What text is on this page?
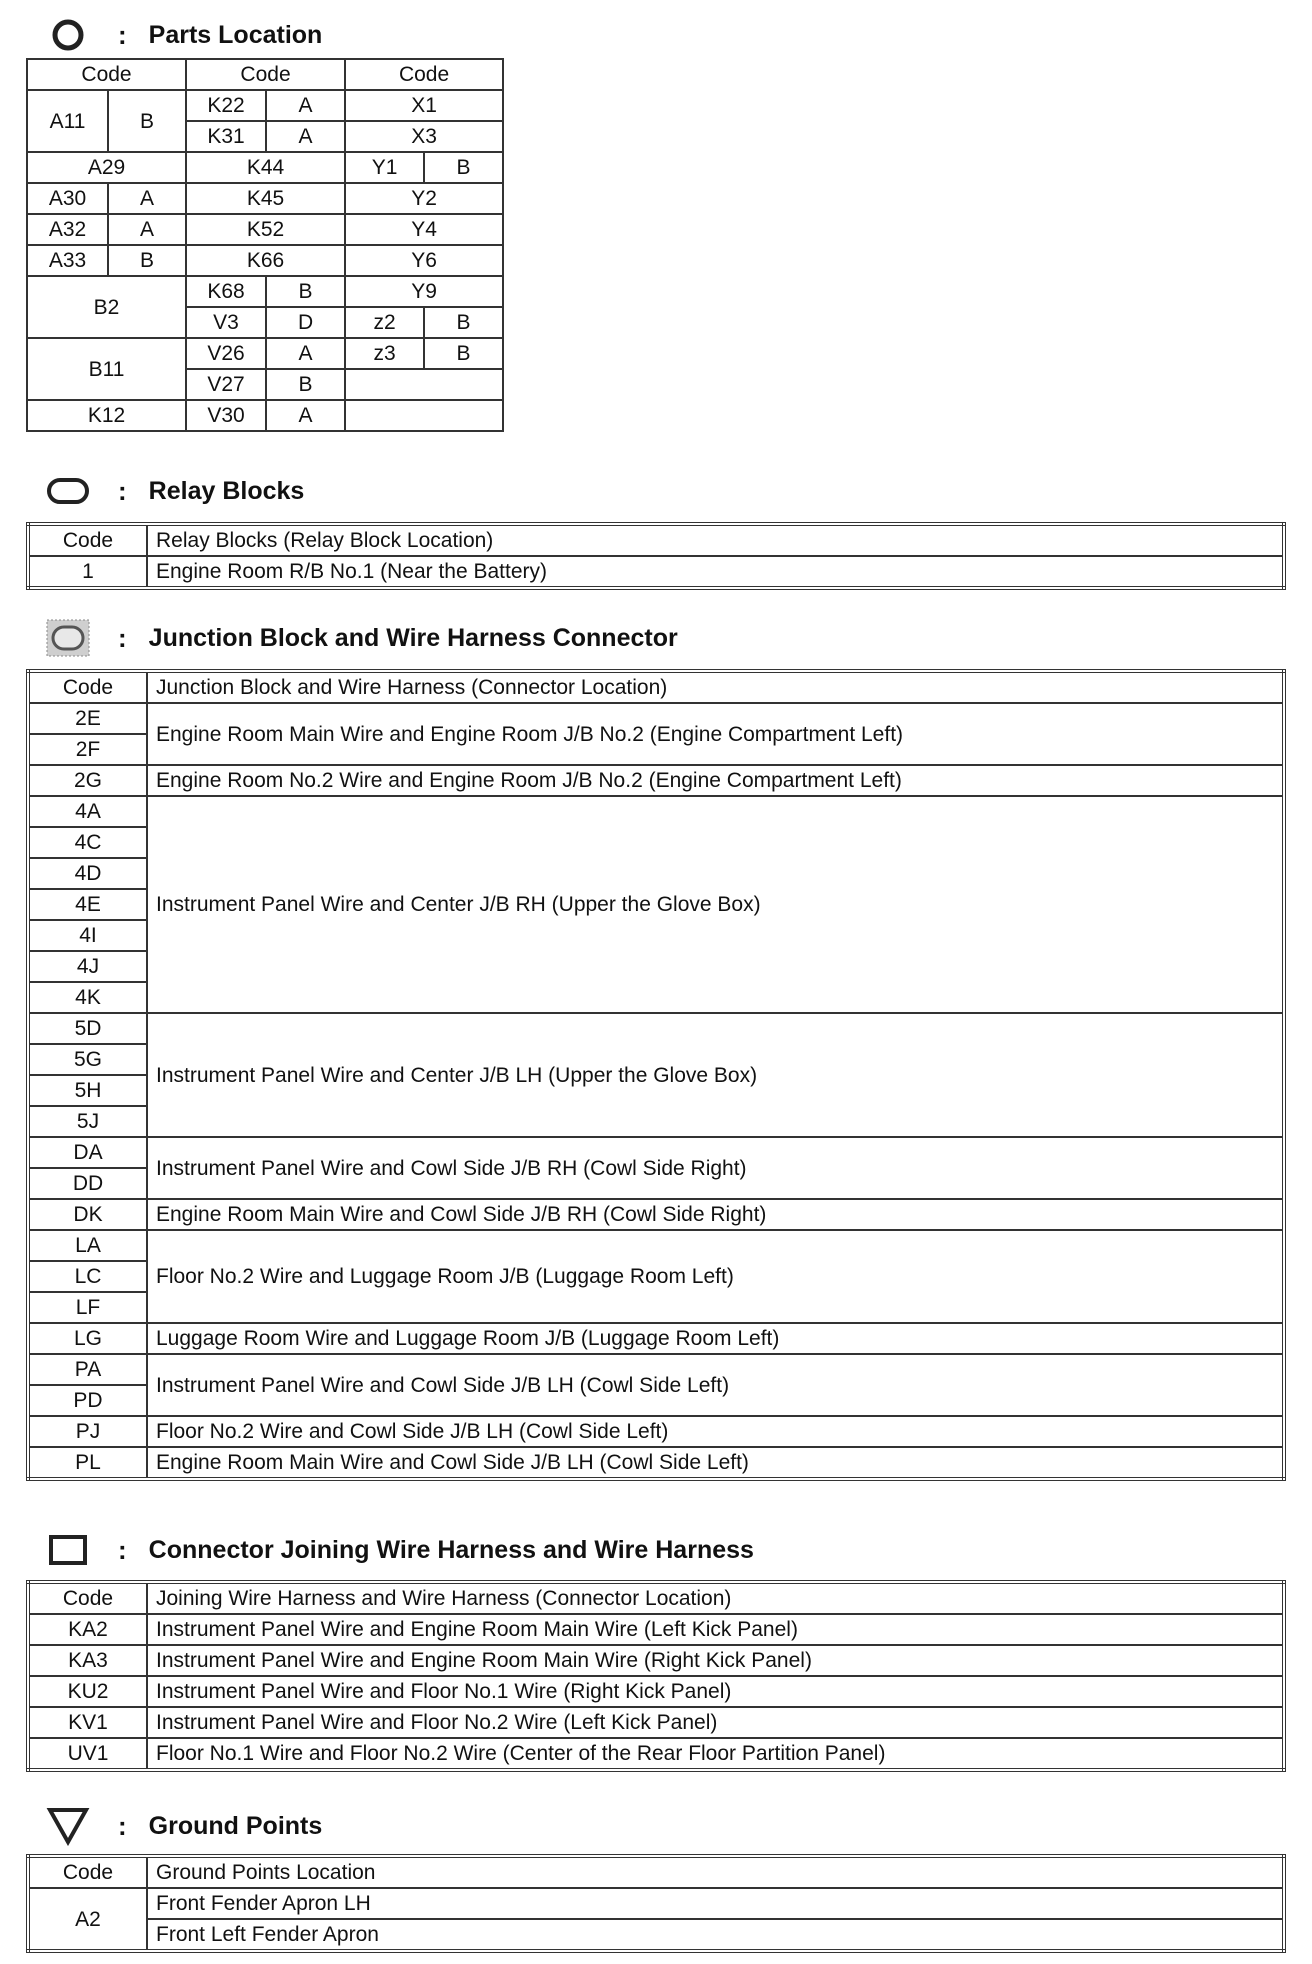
: Parts Location
Code		Code		Code	
A11	B	K22	A	X1	
		K31	A	X3	
A29		K44		Y1	B
A30	A	K45		Y2	
A32	A	K52		Y4	
A33	B	K66		Y6	
B2		K68	B	Y9	
		V3	D	z2	B
B11		V26	A	z3	B
		V27	B		
K12		V30	A		
: Relay Blocks
Code	Relay Blocks (Relay Block Location)
1	Engine Room R/B No.1 (Near the Battery)
: Junction Block and Wire Harness Connector
Code	Junction Block and Wire Harness (Connector Location)
2E	Engine Room Main Wire and Engine Room J/B No.2 (Engine Compartment Left)
2F	
2G	Engine Room No.2 Wire and Engine Room J/B No.2 (Engine Compartment Left)
4A	Instrument Panel Wire and Center J/B RH (Upper the Glove Box)
4C	
4D	
4E	
4I	
4J	
4K	
5D	Instrument Panel Wire and Center J/B LH (Upper the Glove Box)
5G	
5H	
5J	
DA	Instrument Panel Wire and Cowl Side J/B RH (Cowl Side Right)
DD	
DK	Engine Room Main Wire and Cowl Side J/B RH (Cowl Side Right)
LA	Floor No.2 Wire and Luggage Room J/B (Luggage Room Left)
LC	
LF	
LG	Luggage Room Wire and Luggage Room J/B (Luggage Room Left)
PA	Instrument Panel Wire and Cowl Side J/B LH (Cowl Side Left)
PD	
PJ	Floor No.2 Wire and Cowl Side J/B LH (Cowl Side Left)
PL	Engine Room Main Wire and Cowl Side J/B LH (Cowl Side Left)
: Connector Joining Wire Harness and Wire Harness
Code	Joining Wire Harness and Wire Harness (Connector Location)
KA2	Instrument Panel Wire and Engine Room Main Wire (Left Kick Panel)
KA3	Instrument Panel Wire and Engine Room Main Wire (Right Kick Panel)
KU2	Instrument Panel Wire and Floor No.1 Wire (Right Kick Panel)
KV1	Instrument Panel Wire and Floor No.2 Wire (Left Kick Panel)
UV1	Floor No.1 Wire and Floor No.2 Wire (Center of the Rear Floor Partition Panel)
: Ground Points
Code	Ground Points Location
A2	Front Fender Apron LH
	Front Left Fender Apron
